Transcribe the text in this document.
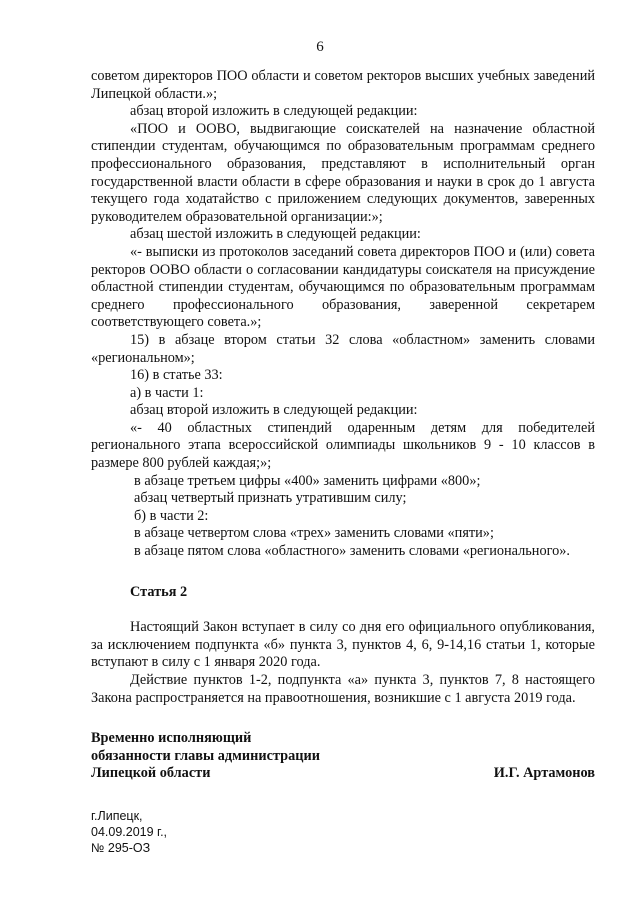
6

советом директоров ПОО области и советом ректоров высших учебных заведений Липецкой области.»;

абзац второй изложить в следующей редакции:

«ПОО и ООВО, выдвигающие соискателей на назначение областной стипендии студентам, обучающимся по образовательным программам среднего профессионального образования, представляют в исполнительный орган государственной власти области в сфере образования и науки в срок до 1 августа текущего года ходатайство с приложением следующих документов, заверенных руководителем образовательной организации:»;

абзац шестой изложить в следующей редакции:

«- выписки из протоколов заседаний совета директоров ПОО и (или) совета ректоров ООВО области о согласовании кандидатуры соискателя на присуждение областной стипендии студентам, обучающимся по образовательным программам среднего профессионального образования, заверенной секретарем соответствующего совета.»;

15) в абзаце втором статьи 32 слова «областном» заменить словами «региональном»;

16) в статье 33:

а) в части 1:

абзац второй изложить в следующей редакции:

«- 40 областных стипендий одаренным детям для победителей регионального этапа всероссийской олимпиады школьников 9 - 10 классов в размере 800 рублей каждая;»;

в абзаце третьем цифры «400» заменить цифрами «800»;

абзац четвертый признать утратившим силу;

б) в части 2:

в абзаце четвертом слова «трех» заменить словами «пяти»;

в абзаце пятом слова «областного» заменить словами «регионального».

Статья 2

Настоящий Закон вступает в силу со дня его официального опубликования, за исключением подпункта «б» пункта 3, пунктов 4, 6, 9-14,16 статьи 1, которые вступают в силу с 1 января 2020 года.

Действие пунктов 1-2, подпункта «а» пункта 3, пунктов 7, 8 настоящего Закона распространяется на правоотношения, возникшие с 1 августа 2019 года.

Временно исполняющий
обязанности главы администрации
Липецкой области	И.Г. Артамонов
г.Липецк,
04.09.2019 г.,
№ 295-ОЗ
